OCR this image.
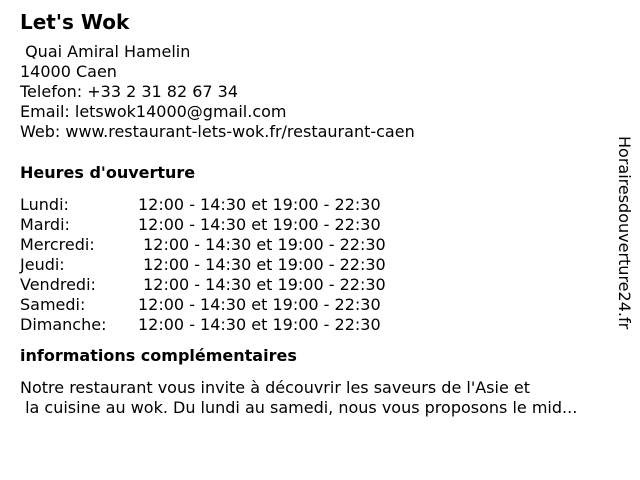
Let's Wok
Quai Amiral Hamelin
14000 Caen
Telefon: +33 2 31 82 67 34
Email: letswok14000@gmail.com
Web: www.restaurant-lets-wok.fr/restaurant-caen
Heures d'ouverture

Lundi:

	12:00 - 14:30 et 19:00 - 22:30

Mardi:

	12:00 - 14:30 et 19:00 - 22:30

Mercredi:

	12:00 - 14:30 et 19:00 - 22:30

Jeudi:

	12:00 - 14:30 et 19:00 - 22:30

Vendredi:

	12:00 - 14:30 et 19:00 - 22:30

Samedi:

	12:00 - 14:30 et 19:00 - 22:30

Dimanche:

12:00 - 14:30 et 19:00 - 22:30

informations complémentaires
Notre restaurant vous invite à découvrir les saveurs de l'Asie et
la cuisine au wok. Du lundi au samedi, nous vous proposons le mid...
Horairesdouverture24.fr
